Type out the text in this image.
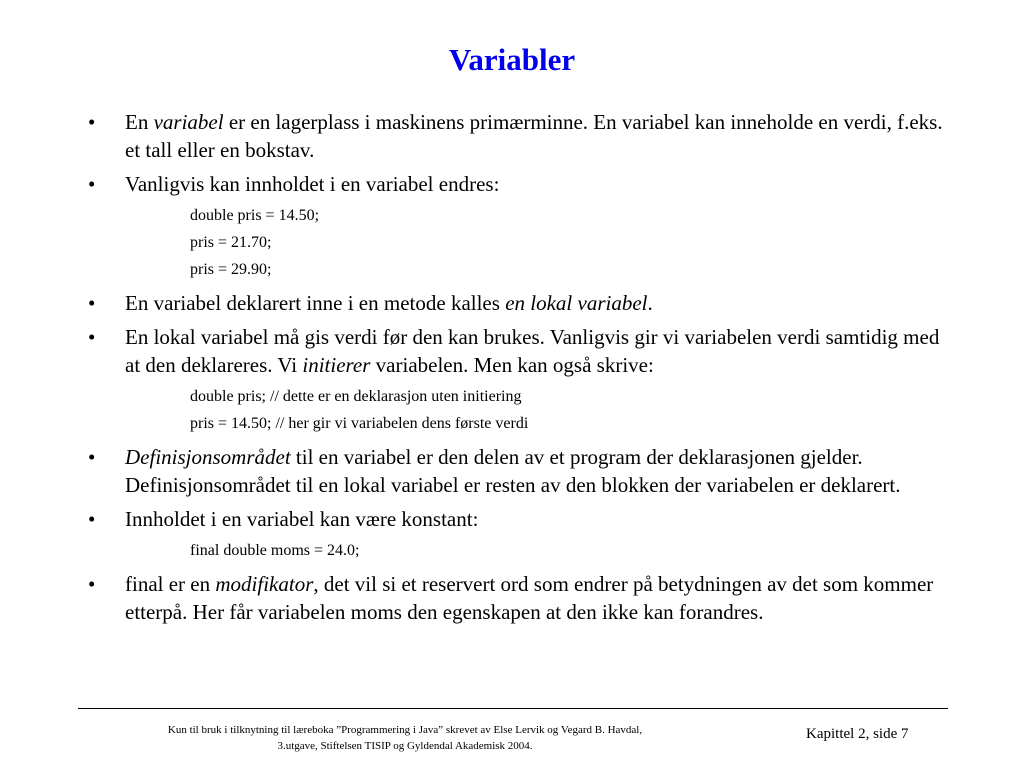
Variabler
• En variabel er en lagerplass i maskinens primærminne. En variabel kan inneholde en verdi, f.eks. et tall eller en bokstav.
• Vanligvis kan innholdet i en variabel endres:
double pris = 14.50;
pris = 21.70;
pris = 29.90;
• En variabel deklarert inne i en metode kalles en lokal variabel.
• En lokal variabel må gis verdi før den kan brukes. Vanligvis gir vi variabelen verdi samtidig med at den deklareres. Vi initierer variabelen. Men kan også skrive:
double pris; // dette er en deklarasjon uten initiering
pris = 14.50; // her gir vi variabelen dens første verdi
• Definisjonsområdet til en variabel er den delen av et program der deklarasjonen gjelder. Definisjonsområdet til en lokal variabel er resten av den blokken der variabelen er deklarert.
• Innholdet i en variabel kan være konstant:
final double moms = 24.0;
• final er en modifikator, det vil si et reservert ord som endrer på betydningen av det som kommer etterpå. Her får variabelen moms den egenskapen at den ikke kan forandres.
Kun til bruk i tilknytning til læreboka ”Programmering i Java” skrevet av Else Lervik og Vegard B. Havdal,
3.utgave, Stiftelsen TISIP og Gyldendal Akademisk 2004.
Kapittel 2, side 7
